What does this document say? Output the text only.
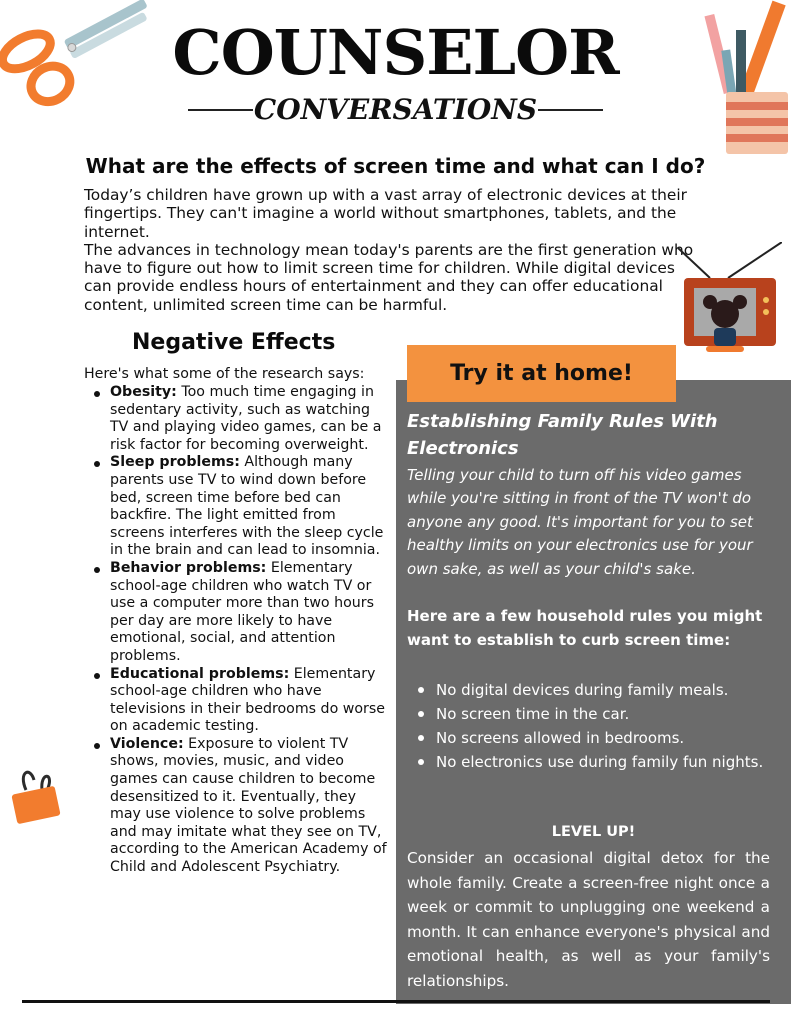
COUNSELOR
CONVERSATIONS
What are the effects of screen time and what can I do?

Today’s children have grown up with a vast array of electronic devices at their fingertips. They can't imagine a world without smartphones, tablets, and the internet.

The advances in technology mean today's parents are the first generation who have to figure out how to limit screen time for children. While digital devices can provide endless hours of entertainment and they can offer educational content, unlimited screen time can be harmful.

Negative Effects
Here's what some of the research says:
Obesity: Too much time engaging in sedentary activity, such as watching TV and playing video games, can be a risk factor for becoming overweight.
Sleep problems: Although many parents use TV to wind down before bed, screen time before bed can backfire. The light emitted from screens interferes with the sleep cycle in the brain and can lead to insomnia.
Behavior problems: Elementary school-age children who watch TV or use a computer more than two hours per day are more likely to have emotional, social, and attention problems.
Educational problems: Elementary school-age children who have televisions in their bedrooms do worse on academic testing.
Violence: Exposure to violent TV shows, movies, music, and video games can cause children to become desensitized to it. Eventually, they may use violence to solve problems and may imitate what they see on TV, according to the American Academy of Child and Adolescent Psychiatry.
Try it at home!
Establishing Family Rules With Electronics
Telling your child to turn off his video games while you're sitting in front of the TV won't do anyone any good. It's important for you to set healthy limits on your electronics use for your own sake, as well as your child's sake.
Here are a few household rules you might want to establish to curb screen time:
No digital devices during family meals.
No screen time in the car.
No screens allowed in bedrooms.
No electronics use during family fun nights.
LEVEL UP!
Consider an occasional digital detox for the whole family. Create a screen-free night once a week or commit to unplugging one weekend a month. It can enhance everyone's physical and emotional health, as well as your family's relationships.
